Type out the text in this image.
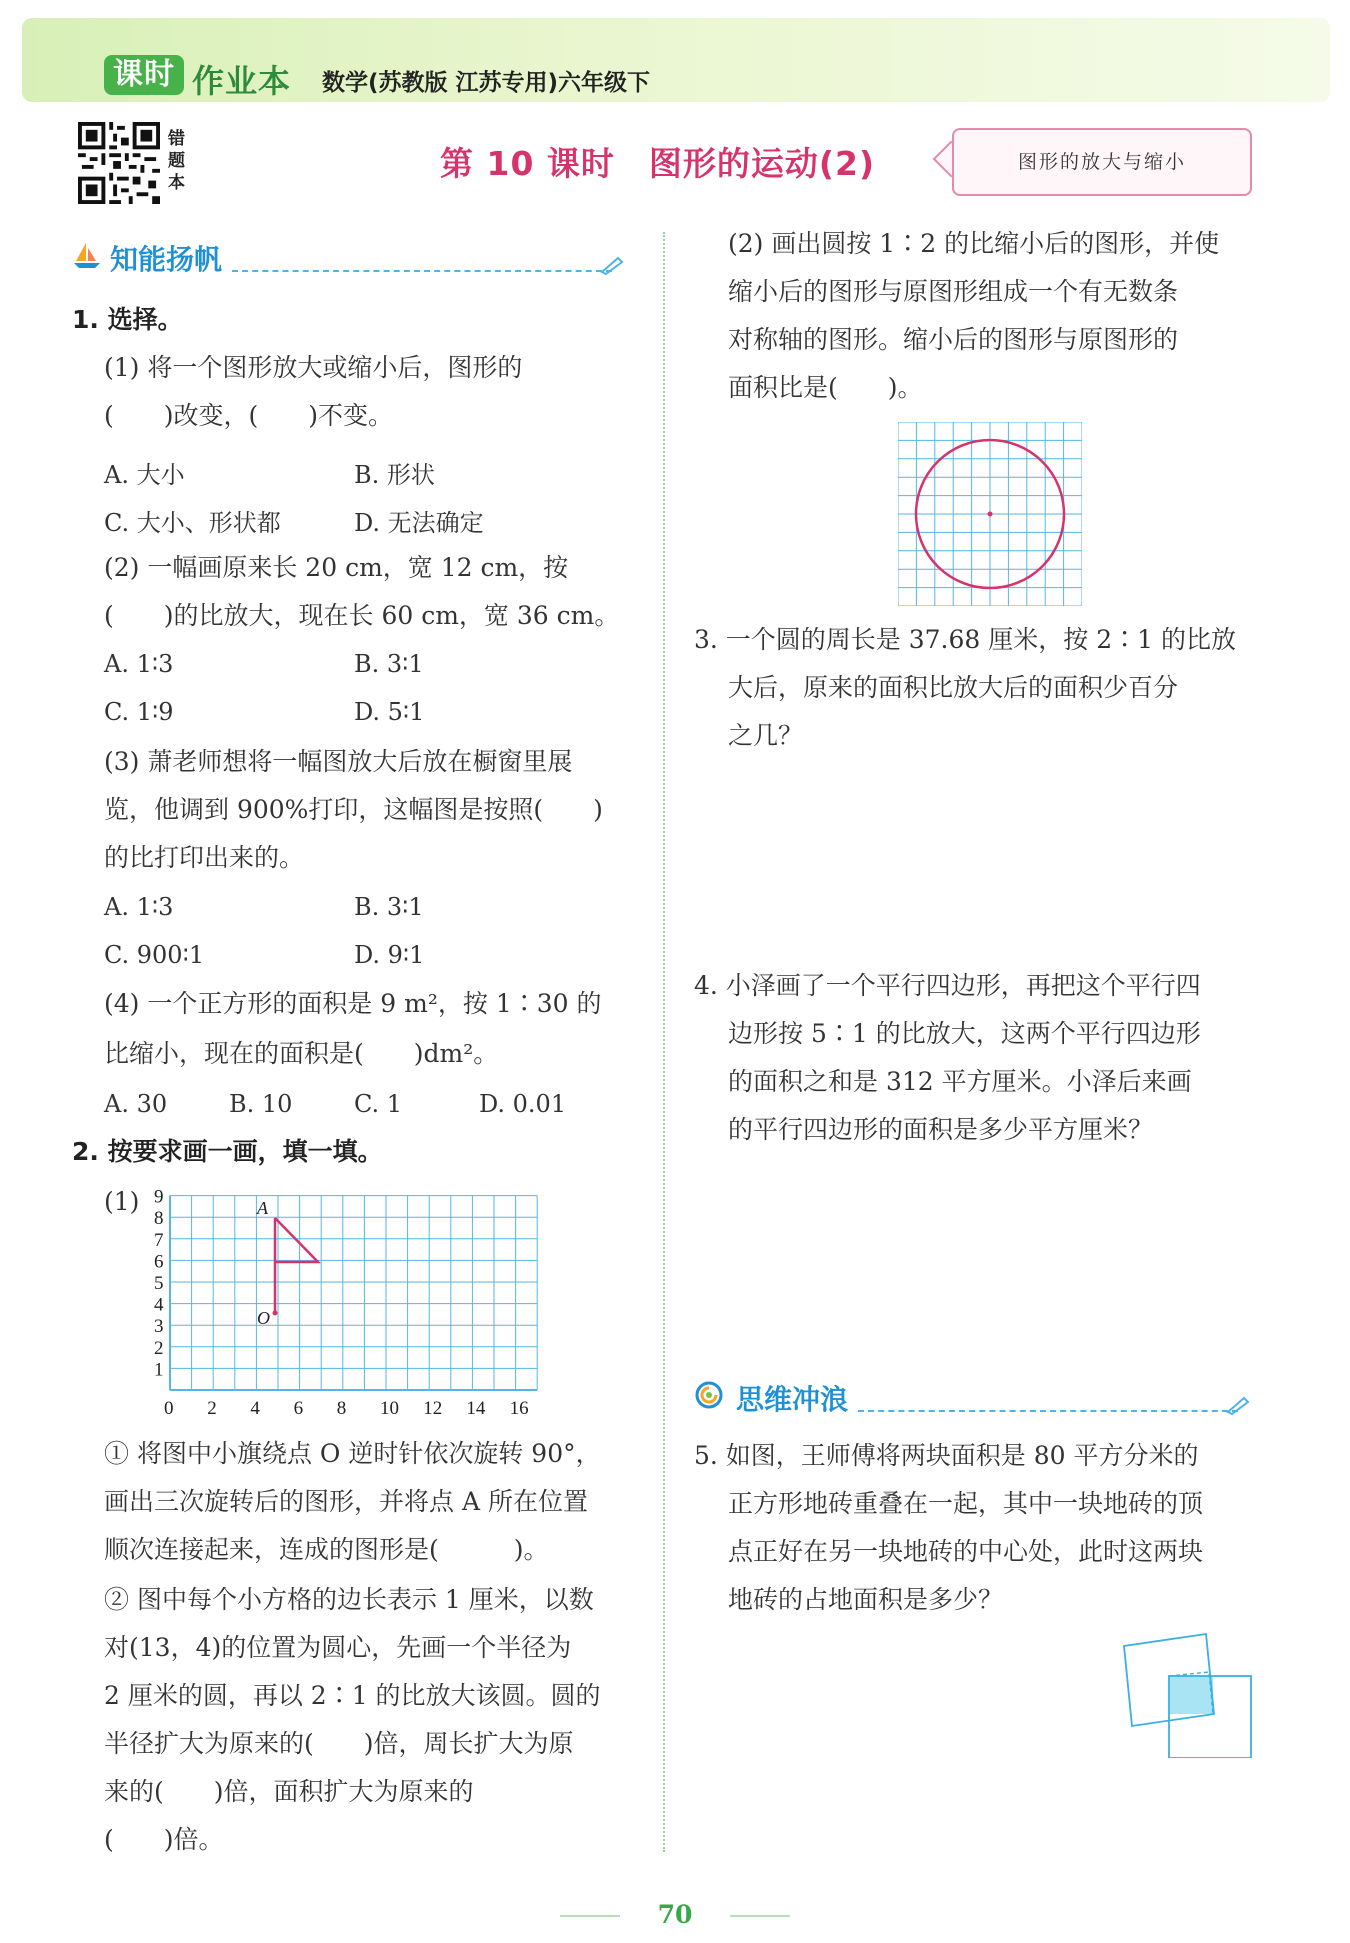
课时 作业本 数学(苏教版 江苏专用)六年级下
错题本	第 10 课时　图形的运动(2)	图形的放大与缩小
知能扬帆
1. 选择。
(1) 将一个图形放大或缩小后，图形的
(　　)改变，(　　)不变。
A. 大小	B. 形状
C. 大小、形状都	D. 无法确定
(2) 一幅画原来长 20 cm，宽 12 cm，按
(　　)的比放大，现在长 60 cm，宽 36 cm。
A. 1∶3	B. 3∶1
C. 1∶9	D. 5∶1
(3) 萧老师想将一幅图放大后放在橱窗里展
览，他调到 900%打印，这幅图是按照(　　)
的比打印出来的。
A. 1∶3	B. 3∶1
C. 900∶1	D. 9∶1
(4) 一个正方形的面积是 9 m²，按 1∶30 的
比缩小，现在的面积是(　　)dm²。
A. 30	B. 10	C. 1	D. 0.01
2. 按要求画一画，填一填。
(1)
0 2 4 6 8 10 12 14 16
1
2
3
4
5
6
7
8
9
A
O
① 将图中小旗绕点 O 逆时针依次旋转 90°，
画出三次旋转后的图形，并将点 A 所在位置
顺次连接起来，连成的图形是(　　　)。
② 图中每个小方格的边长表示 1 厘米，以数
对(13，4)的位置为圆心，先画一个半径为
2 厘米的圆，再以 2∶1 的比放大该圆。圆的
半径扩大为原来的(　　)倍，周长扩大为原
来的(　　)倍，面积扩大为原来的
(　　)倍。
(2) 画出圆按 1∶2 的比缩小后的图形，并使
缩小后的图形与原图形组成一个有无数条
对称轴的图形。缩小后的图形与原图形的
面积比是(　　)。
3. 一个圆的周长是 37.68 厘米，按 2∶1 的比放
大后，原来的面积比放大后的面积少百分
之几？
4. 小泽画了一个平行四边形，再把这个平行四
边形按 5∶1 的比放大，这两个平行四边形
的面积之和是 312 平方厘米。小泽后来画
的平行四边形的面积是多少平方厘米？
思维冲浪
5. 如图，王师傅将两块面积是 80 平方分米的
正方形地砖重叠在一起，其中一块地砖的顶
点正好在另一块地砖的中心处，此时这两块
地砖的占地面积是多少？
70
